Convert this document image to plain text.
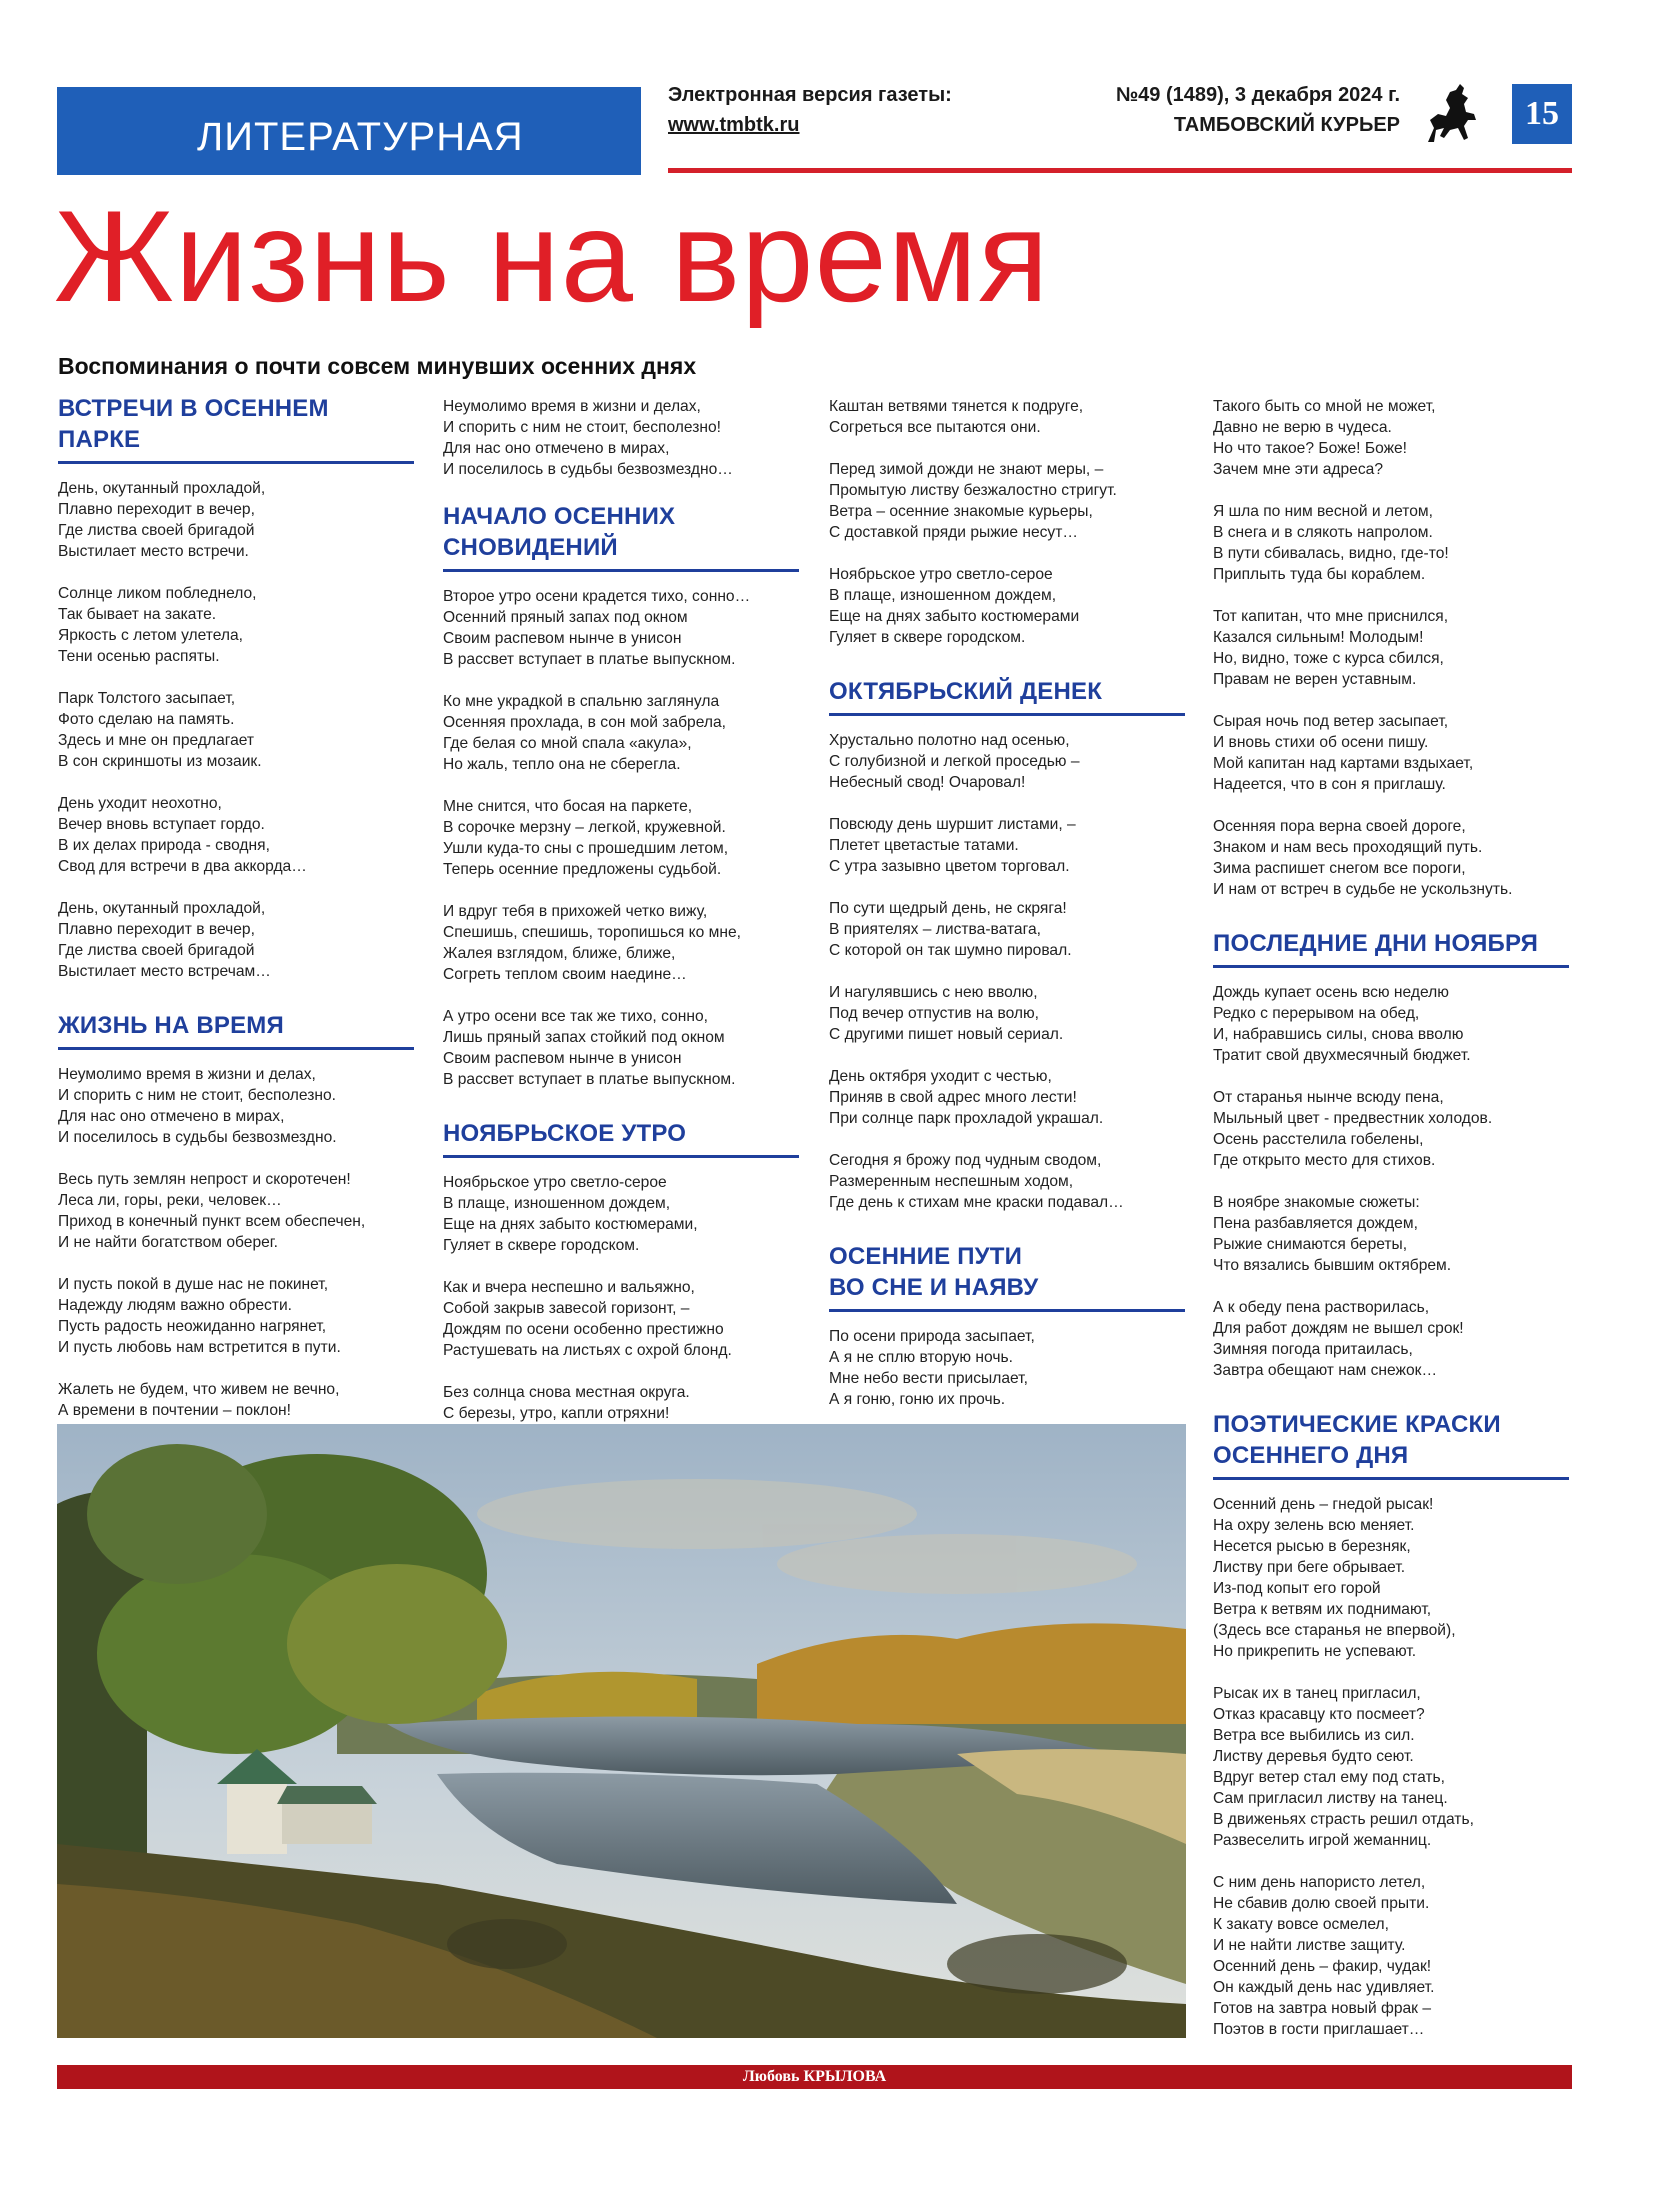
ЛИТЕРАТУРНАЯ
Электронная версия газеты:
www.tmbtk.ru
№49 (1489), 3 декабря 2024 г.
ТАМБОВСКИЙ КУРЬЕР	15
Жизнь на время
Воспоминания о почти совсем минувших осенних днях
ВСТРЕЧИ В ОСЕННЕМ ПАРКЕ

День, окутанный прохладой,
Плавно переходит в вечер,
Где листва своей бригадой
Выстилает место встречи.

Солнце ликом побледнело,
Так бывает на закате.
Яркость с летом улетела,
Тени осенью распяты.

Парк Толстого засыпает,
Фото сделаю на память.
Здесь и мне он предлагает
В сон скриншоты из мозаик.

День уходит неохотно,
Вечер вновь вступает гордо.
В их делах природа - сводня,
Свод для встречи в два аккорда…

День, окутанный прохладой,
Плавно переходит в вечер,
Где листва своей бригадой
Выстилает место встречам…

ЖИЗНЬ НА ВРЕМЯ

Неумолимо время в жизни и делах,
И спорить с ним не стоит, бесполезно.
Для нас оно отмечено в мирах,
И поселилось в судьбы безвозмездно.

Весь путь землян непрост и скоротечен!
Леса ли, горы, реки, человек…
Приход в конечный пункт всем обеспечен,
И не найти богатством оберег.

И пусть покой в душе нас не покинет,
Надежду людям важно обрести.
Пусть радость неожиданно нагрянет,
И пусть любовь нам встретится в пути.

Жалеть не будем, что живем не вечно,
А времени в почтении – поклон!

Неумолимо время в жизни и делах,
И спорить с ним не стоит, бесполезно!
Для нас оно отмечено в мирах,
И поселилось в судьбы безвозмездно…

НАЧАЛО ОСЕННИХ
СНОВИДЕНИЙ

Второе утро осени крадется тихо, сонно…
Осенний пряный запах под окном
Своим распевом нынче в унисон
В рассвет вступает в платье выпускном.

Ко мне украдкой в спальню заглянула
Осенняя прохлада, в сон мой забрела,
Где белая со мной спала «акула»,
Но жаль, тепло она не сберегла.

Мне снится, что босая на паркете,
В сорочке мерзну – легкой, кружевной.
Ушли куда-то сны с прошедшим летом,
Теперь осенние предложены судьбой.

И вдруг тебя в прихожей четко вижу,
Спешишь, спешишь, торопишься ко мне,
Жалея взглядом, ближе, ближе,
Согреть теплом своим наедине…

А утро осени все так же тихо, сонно,
Лишь пряный запах стойкий под окном
Своим распевом нынче в унисон
В рассвет вступает в платье выпускном.

НОЯБРЬСКОЕ УТРО

Ноябрьское утро светло-серое
В плаще, изношенном дождем,
Еще на днях забыто костюмерами,
Гуляет в сквере городском.

Как и вчера неспешно и вальяжно,
Собой закрыв завесой горизонт, –
Дождям по осени особенно престижно
Растушевать на листьях с охрой блонд.

Без солнца снова местная округа.
С березы, утро, капли отряхни!

Каштан ветвями тянется к подруге,
Согреться все пытаются они.

Перед зимой дожди не знают меры, –
Промытую листву безжалостно стригут.
Ветра – осенние знакомые курьеры,
С доставкой пряди рыжие несут…

Ноябрьское утро светло-серое
В плаще, изношенном дождем,
Еще на днях забыто костюмерами
Гуляет в сквере городском.

ОКТЯБРЬСКИЙ ДЕНЕК

Хрустально полотно над осенью,
С голубизной и легкой проседью –
Небесный свод! Очаровал!

Повсюду день шуршит листами, –
Плетет цветастые татами.
С утра зазывно цветом торговал.

По сути щедрый день, не скряга!
В приятелях – листва-ватага,
С которой он так шумно пировал.

И нагулявшись с нею вволю,
Под вечер отпустив на волю,
С другими пишет новый сериал.

День октября уходит с честью,
Приняв в свой адрес много лести!
При солнце парк прохладой украшал.

Сегодня я брожу под чудным сводом,
Размеренным неспешным ходом,
Где день к стихам мне краски подавал…

ОСЕННИЕ ПУТИ
ВО СНЕ И НАЯВУ

По осени природа засыпает,
А я не сплю вторую ночь.
Мне небо вести присылает,
А я гоню, гоню их прочь.

Такого быть со мной не может,
Давно не верю в чудеса.
Но что такое? Боже! Боже!
Зачем мне эти адреса?

Я шла по ним весной и летом,
В снега и в слякоть напролом.
В пути сбивалась, видно, где-то!
Приплыть туда бы кораблем.

Тот капитан, что мне приснился,
Казался сильным! Молодым!
Но, видно, тоже с курса сбился,
Правам не верен уставным.

Сырая ночь под ветер засыпает,
И вновь стихи об осени пишу.
Мой капитан над картами вздыхает,
Надеется, что в сон я приглашу.

Осенняя пора верна своей дороге,
Знаком и нам весь проходящий путь.
Зима распишет снегом все пороги,
И нам от встреч в судьбе не ускользнуть.

ПОСЛЕДНИЕ ДНИ НОЯБРЯ

Дождь купает осень всю неделю
Редко с перерывом на обед,
И, набравшись силы, снова вволю
Тратит свой двухмесячный бюджет.

От старанья нынче всюду пена,
Мыльный цвет - предвестник холодов.
Осень расстелила гобелены,
Где открыто место для стихов.

В ноябре знакомые сюжеты:
Пена разбавляется дождем,
Рыжие снимаются береты,
Что вязались бывшим октябрем.

А к обеду пена растворилась,
Для работ дождям не вышел срок!
Зимняя погода притаилась,
Завтра обещают нам снежок…

ПОЭТИЧЕСКИЕ КРАСКИ
ОСЕННЕГО ДНЯ

Осенний день – гнедой рысак!
На охру зелень всю меняет.
Несется рысью в березняк,
Листву при беге обрывает.
Из-под копыт его горой
Ветра к ветвям их поднимают,
(Здесь все старанья не впервой),
Но прикрепить не успевают.

Рысак их в танец пригласил,
Отказ красавцу кто посмеет?
Ветра все выбились из сил.
Листву деревья будто сеют.
Вдруг ветер стал ему под стать,
Сам пригласил листву на танец.
В движеньях страсть решил отдать,
Развеселить игрой жеманниц.

С ним день напористо летел,
Не сбавив долю своей прыти.
К закату вовсе осмелел,
И не найти листве защиту.
Осенний день – факир, чудак!
Он каждый день нас удивляет.
Готов на завтра новый фрак –
Поэтов в гости приглашает…

Любовь КРЫЛОВА
